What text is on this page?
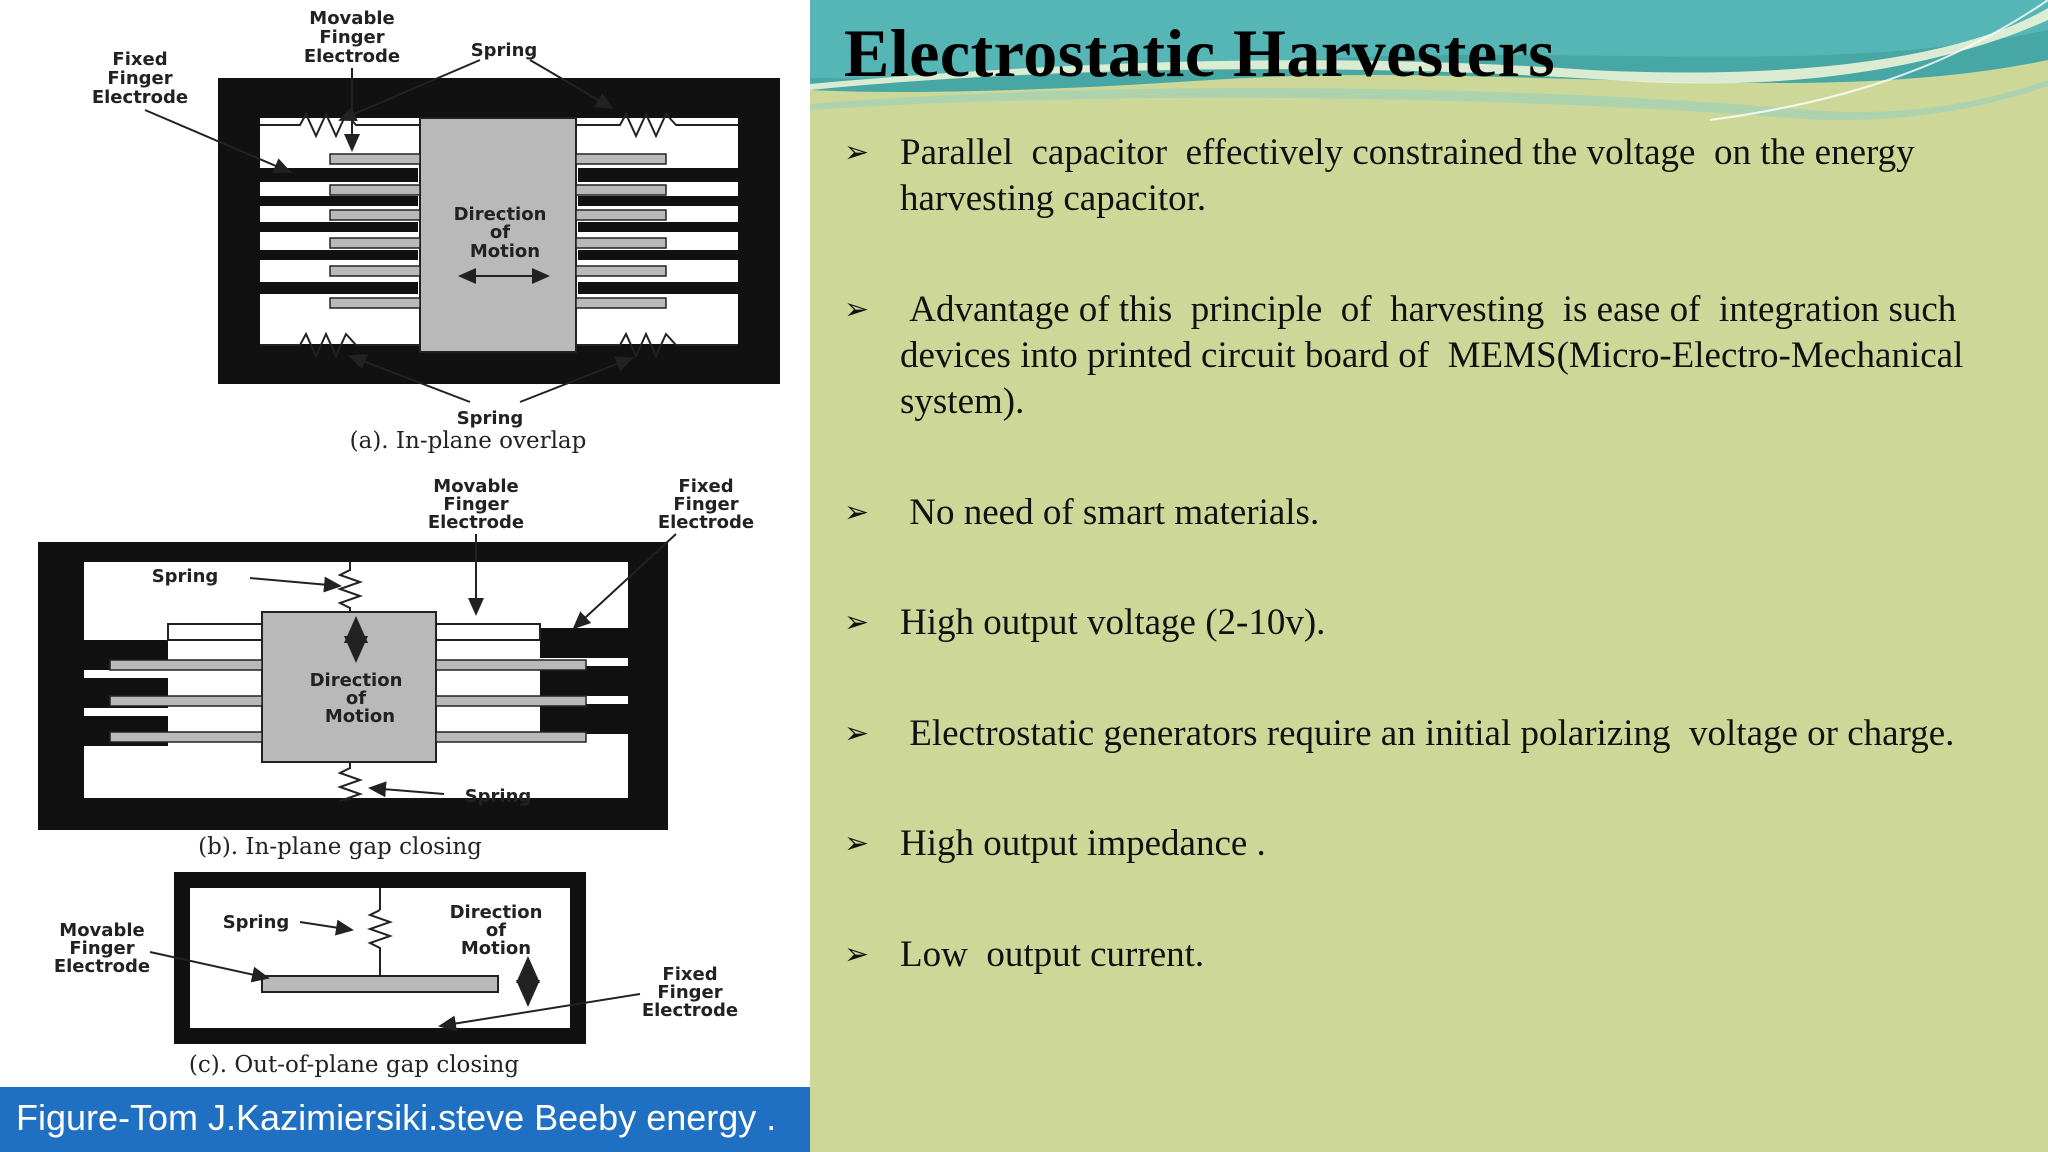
Direction
of
Motion
Movable
Finger
Electrode
Fixed
Finger
Electrode
Spring
Spring
(a). In-plane overlap
Direction
of
Motion
Spring
Spring
Movable
Finger
Electrode
Fixed
Finger
Electrode
(b). In-plane gap closing
Spring	Direction
of
Motion
Movable
Finger
Electrode	Fixed
Finger
Electrode
(c). Out-of-plane gap closing
Figure-Tom J.Kazimiersiki.steve Beeby energy .
Electrostatic Harvesters
➢ Parallel  capacitor  effectively constrained the voltage  on the energy harvesting capacitor.
➢ Advantage of this  principle  of  harvesting  is ease of  integration such devices into printed circuit board of  MEMS(Micro-Electro-Mechanical system).
➢ No need of smart materials.
➢ High output voltage (2-10v).
➢ Electrostatic generators require an initial polarizing  voltage or charge.
➢ High output impedance .
➢ Low  output current.
